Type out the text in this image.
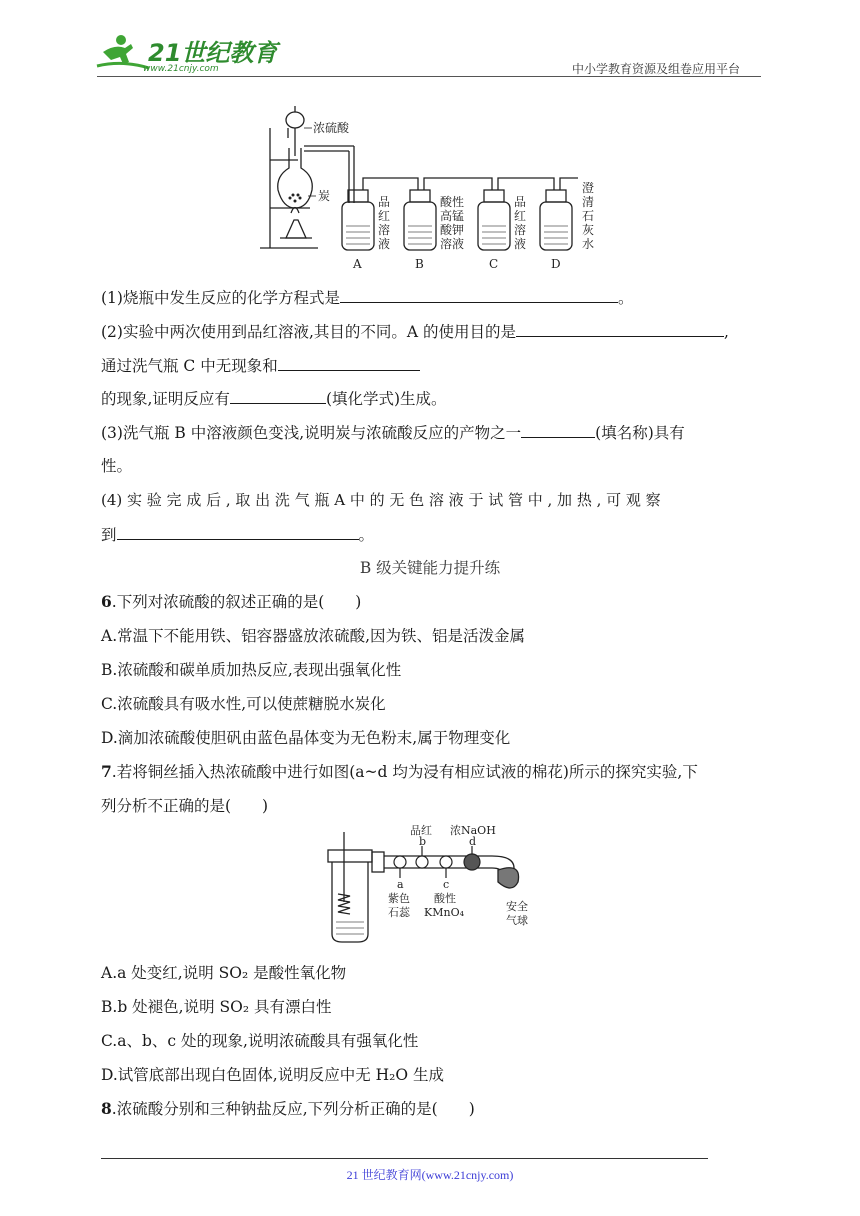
21世纪教育
www.21cnjy.com	中小学教育资源及组卷应用平台
浓硫酸
炭	品
红
溶
液
酸性
高锰
酸钾
溶液
品
红
溶
液
澄
清
石
灰
水
A	B	C	D
(1)烧瓶中发生反应的化学方程式是	。
(2)实验中两次使用到品红溶液,其目的不同。A 的使用目的是	,
通过洗气瓶 C 中无现象和
的现象,证明反应有	(填化学式)生成。
(3)洗气瓶 B 中溶液颜色变浅,说明炭与浓硫酸反应的产物之一	(填名称)具有
性。
(4) 实 验 完 成 后 , 取 出 洗 气 瓶 A 中 的 无 色 溶 液 于 试 管 中 , 加 热 , 可 观 察
到	。
B 级关键能力提升练
6.下列对浓硫酸的叙述正确的是(　　)
A.常温下不能用铁、铝容器盛放浓硫酸,因为铁、铝是活泼金属
B.浓硫酸和碳单质加热反应,表现出强氧化性
C.浓硫酸具有吸水性,可以使蔗糖脱水炭化
D.滴加浓硫酸使胆矾由蓝色晶体变为无色粉末,属于物理变化
7.若将铜丝插入热浓硫酸中进行如图(a~d 均为浸有相应试液的棉花)所示的探究实验,下
列分析不正确的是(　　)
品红 浓NaOH
b	d
a	c
紫色
石蕊
酸性
KMnO₄	安全
气球
A.a 处变红,说明 SO₂ 是酸性氧化物
B.b 处褪色,说明 SO₂ 具有漂白性
C.a、b、c 处的现象,说明浓硫酸具有强氧化性
D.试管底部出现白色固体,说明反应中无 H₂O 生成
8.浓硫酸分别和三种钠盐反应,下列分析正确的是(　　)
21 世纪教育网(www.21cnjy.com)
